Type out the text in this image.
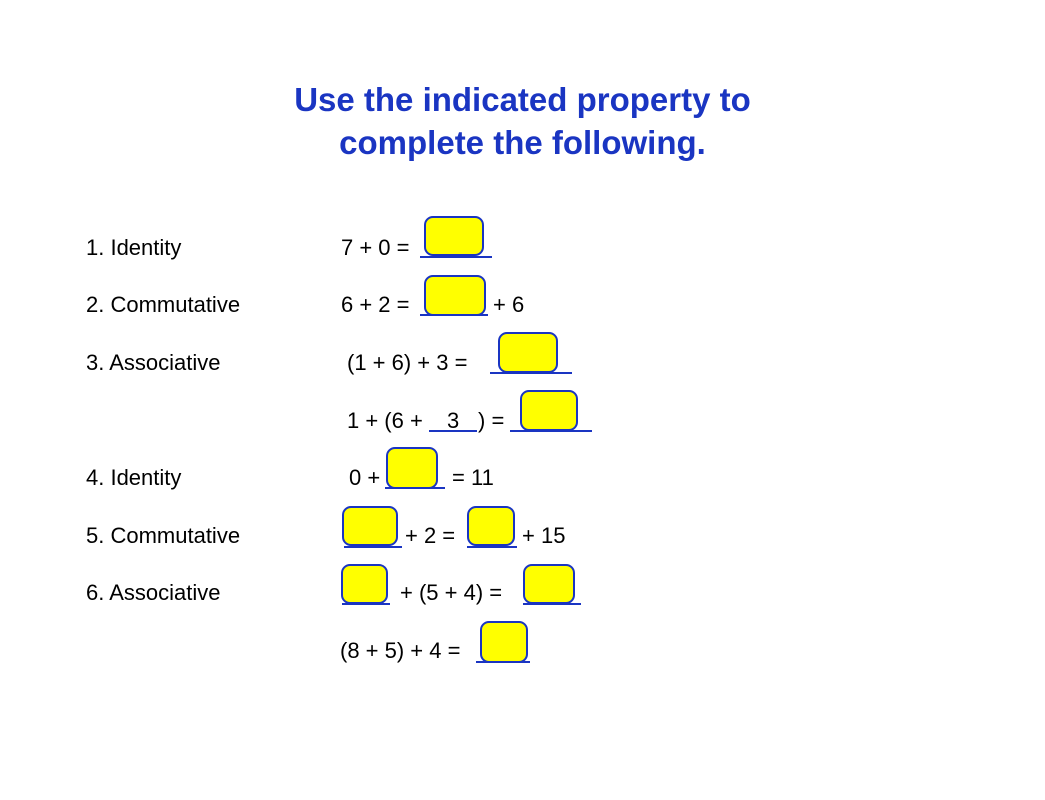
Use the indicated property to
complete the following.
1. Identity	7 + 0 =
2. Commutative	6 + 2 =	+ 6
3. Associative	(1 + 6) + 3 =
1 + (6 + 3 ) =
4. Identity	0 +	= 11
5. Commutative	+ 2 =	+ 15
6. Associative	+ (5 + 4) =
(8 + 5) + 4 =
